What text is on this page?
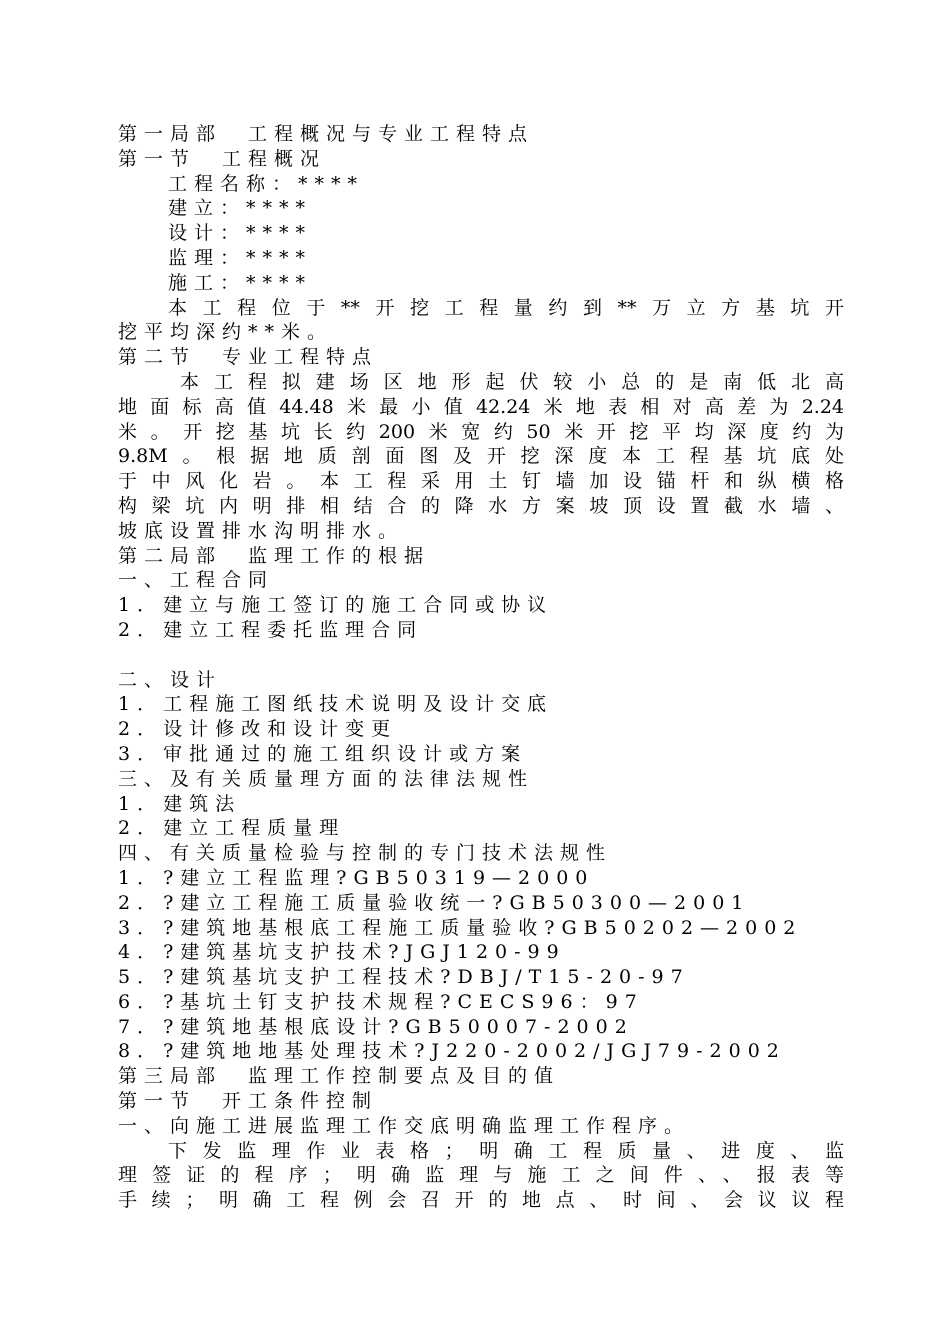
第一局部　工程概况与专业工程特点
第一节　工程概况
工程名称：****
建立：****
设计：****
监理：****
施工：****
本工程位于**开挖工程量约到**万立方基坑开
挖平均深约**米。
第二节　专业工程特点
本工程拟建场区地形起伏较小总的是南低北高
地面标高值44.48米最小值42.24米地表相对高差为2.24
米。开挖基坑长约200米宽约50米开挖平均深度约为
9.8M。根据地质剖面图及开挖深度本工程基坑底处
于中风化岩。本工程采用土钉墙加设锚杆和纵横格
构梁坑内明排相结合的降水方案坡顶设置截水墙、
坡底设置排水沟明排水。
第二局部　监理工作的根据
一、工程合同
1．建立与施工签订的施工合同或协议
2．建立工程委托监理合同
二、设计
1．工程施工图纸技术说明及设计交底
2．设计修改和设计变更
3．审批通过的施工组织设计或方案
三、及有关质量理方面的法律法规性
1．建筑法
2．建立工程质量理
四、有关质量检验与控制的专门技术法规性
1．?建立工程监理?GB50319—2000
2．?建立工程施工质量验收统一?GB50300—2001
3．?建筑地基根底工程施工质量验收?GB50202—2002
4．?建筑基坑支护技术?JGJ120-99
5．?建筑基坑支护工程技术?DBJ/T15-20-97
6．?基坑土钉支护技术规程?CECS96：97
7．?建筑地基根底设计?GB50007-2002
8．?建筑地地基处理技术?J220-2002/JGJ79-2002
第三局部　监理工作控制要点及目的值
第一节　开工条件控制
一、向施工进展监理工作交底明确监理工作程序。
下发监理作业表格；明确工程质量、进度、监
理签证的程序；明确监理与施工之间件、、报表等
手续；明确工程例会召开的地点、时间、会议议程
